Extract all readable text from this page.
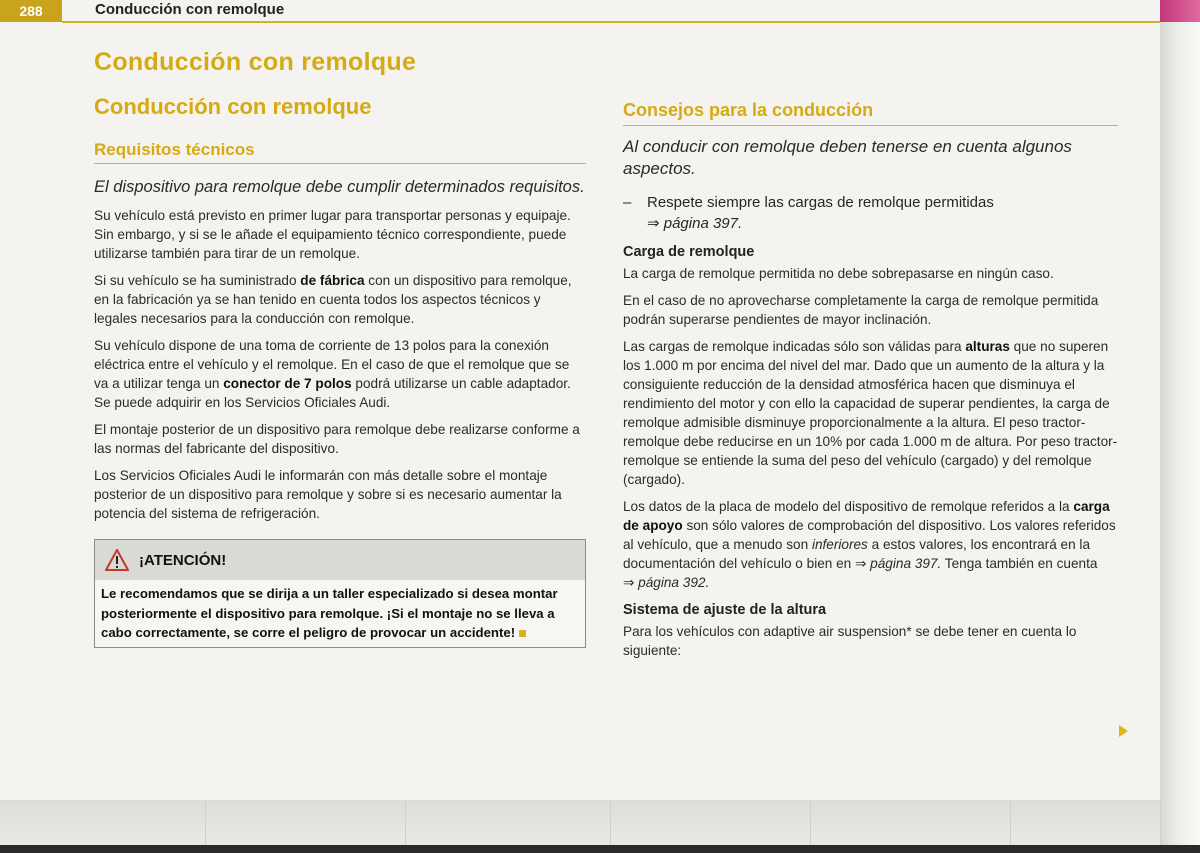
288	Conducción con remolque
Conducción con remolque
Conducción con remolque
Requisitos técnicos

El dispositivo para remolque debe cumplir determinados requisitos.

Su vehículo está previsto en primer lugar para transportar personas y equipaje. Sin embargo, y si se le añade el equipamiento técnico correspondiente, puede utilizarse también para tirar de un remolque.

Si su vehículo se ha suministrado de fábrica con un dispositivo para remolque, en la fabricación ya se han tenido en cuenta todos los aspectos técnicos y legales necesarios para la conducción con remolque.

Su vehículo dispone de una toma de corriente de 13 polos para la conexión eléctrica entre el vehículo y el remolque. En el caso de que el remolque que se va a utilizar tenga un conector de 7 polos podrá utilizarse un cable adaptador. Se puede adquirir en los Servicios Oficiales Audi.

El montaje posterior de un dispositivo para remolque debe realizarse conforme a las normas del fabricante del dispositivo.

Los Servicios Oficiales Audi le informarán con más detalle sobre el montaje posterior de un dispositivo para remolque y sobre si es necesario aumentar la potencia del sistema de refrigeración.

¡ATENCIÓN!
Le recomendamos que se dirija a un taller especializado si desea montar posteriormente el dispositivo para remolque. ¡Si el montaje no se lleva a cabo correctamente, se corre el peligro de provocar un accidente!
Consejos para la conducción

Al conducir con remolque deben tenerse en cuenta algunos aspectos.

–	Respete siempre las cargas de remolque permitidas
⇒ página 397.
Carga de remolque

La carga de remolque permitida no debe sobrepasarse en ningún caso.

En el caso de no aprovecharse completamente la carga de remolque permitida podrán superarse pendientes de mayor inclinación.

Las cargas de remolque indicadas sólo son válidas para alturas que no superen los 1.000 m por encima del nivel del mar. Dado que un aumento de la altura y la consiguiente reducción de la densidad atmosférica hacen que disminuya el rendimiento del motor y con ello la capacidad de superar pendientes, la carga de remolque admisible disminuye proporcionalmente a la altura. El peso tractor-remolque debe reducirse en un 10% por cada 1.000 m de altura. Por peso tractor-remolque se entiende la suma del peso del vehículo (cargado) y del remolque (cargado).

Los datos de la placa de modelo del dispositivo de remolque referidos a la carga de apoyo son sólo valores de comprobación del dispositivo. Los valores referidos al vehículo, que a menudo son inferiores a estos valores, los encontrará en la documentación del vehículo o bien en ⇒ página 397. Tenga también en cuenta
⇒ página 392.

Sistema de ajuste de la altura

Para los vehículos con adaptive air suspension* se debe tener en cuenta lo siguiente:
